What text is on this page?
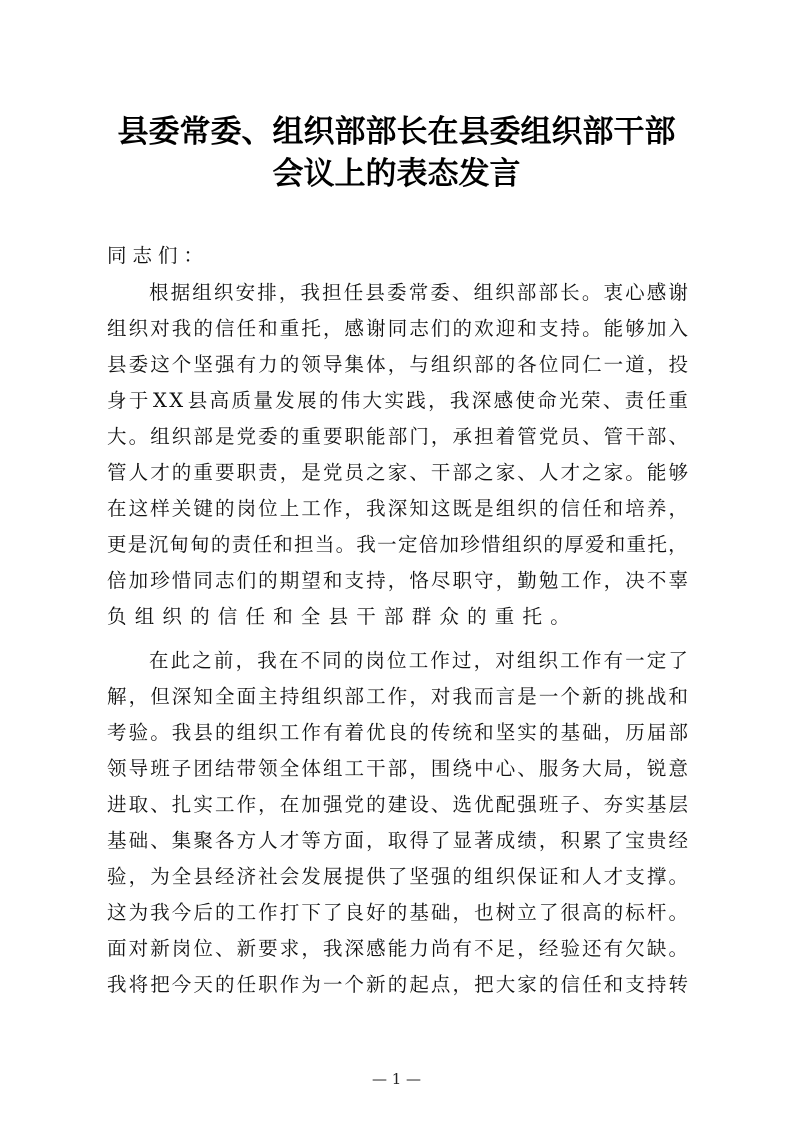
县委常委、组织部部长在县委组织部干部
会议上的表态发言
同志们：
根 据 组 织 安 排 ， 我 担 任 县 委 常 委 、 组 织 部 部 长 。 衷 心 感 谢
组 织 对 我 的 信 任 和 重 托 ， 感 谢 同 志 们 的 欢 迎 和 支 持 。 能 够 加 入
县 委 这 个 坚 强 有 力 的 领 导 集 体 ， 与 组 织 部 的 各 位 同 仁 一 道 ， 投
身 于 X X 县 高 质 量 发 展 的 伟 大 实 践 ， 我 深 感 使 命 光 荣 、 责 任 重
大 。 组 织 部 是 党 委 的 重 要 职 能 部 门 ， 承 担 着 管 党 员 、 管 干 部 、
管 人 才 的 重 要 职 责 ， 是 党 员 之 家 、 干 部 之 家 、 人 才 之 家 。 能 够
在 这 样 关 键 的 岗 位 上 工 作 ， 我 深 知 这 既 是 组 织 的 信 任 和 培 养 ，
更 是 沉 甸 甸 的 责 任 和 担 当 。 我 一 定 倍 加 珍 惜 组 织 的 厚 爱 和 重 托 ，
倍 加 珍 惜 同 志 们 的 期 望 和 支 持 ， 恪 尽 职 守 ， 勤 勉 工 作 ， 决 不 辜
负组织的信任和全县干部群众的重托。
在 此 之 前 ， 我 在 不 同 的 岗 位 工 作 过 ， 对 组 织 工 作 有 一 定 了
解 ， 但 深 知 全 面 主 持 组 织 部 工 作 ， 对 我 而 言 是 一 个 新 的 挑 战 和
考 验 。 我 县 的 组 织 工 作 有 着 优 良 的 传 统 和 坚 实 的 基 础 ， 历 届 部
领 导 班 子 团 结 带 领 全 体 组 工 干 部 ， 围 绕 中 心 、 服 务 大 局 ， 锐 意
进 取 、 扎 实 工 作 ， 在 加 强 党 的 建 设 、 选 优 配 强 班 子 、 夯 实 基 层
基 础 、 集 聚 各 方 人 才 等 方 面 ， 取 得 了 显 著 成 绩 ， 积 累 了 宝 贵 经
验 ， 为 全 县 经 济 社 会 发 展 提 供 了 坚 强 的 组 织 保 证 和 人 才 支 撑 。
这 为 我 今 后 的 工 作 打 下 了 良 好 的 基 础 ， 也 树 立 了 很 高 的 标 杆 。
面 对 新 岗 位 、 新 要 求 ， 我 深 感 能 力 尚 有 不 足 ， 经 验 还 有 欠 缺 。
我 将 把 今 天 的 任 职 作 为 一 个 新 的 起 点 ， 把 大 家 的 信 任 和 支 持 转
— 1 —
